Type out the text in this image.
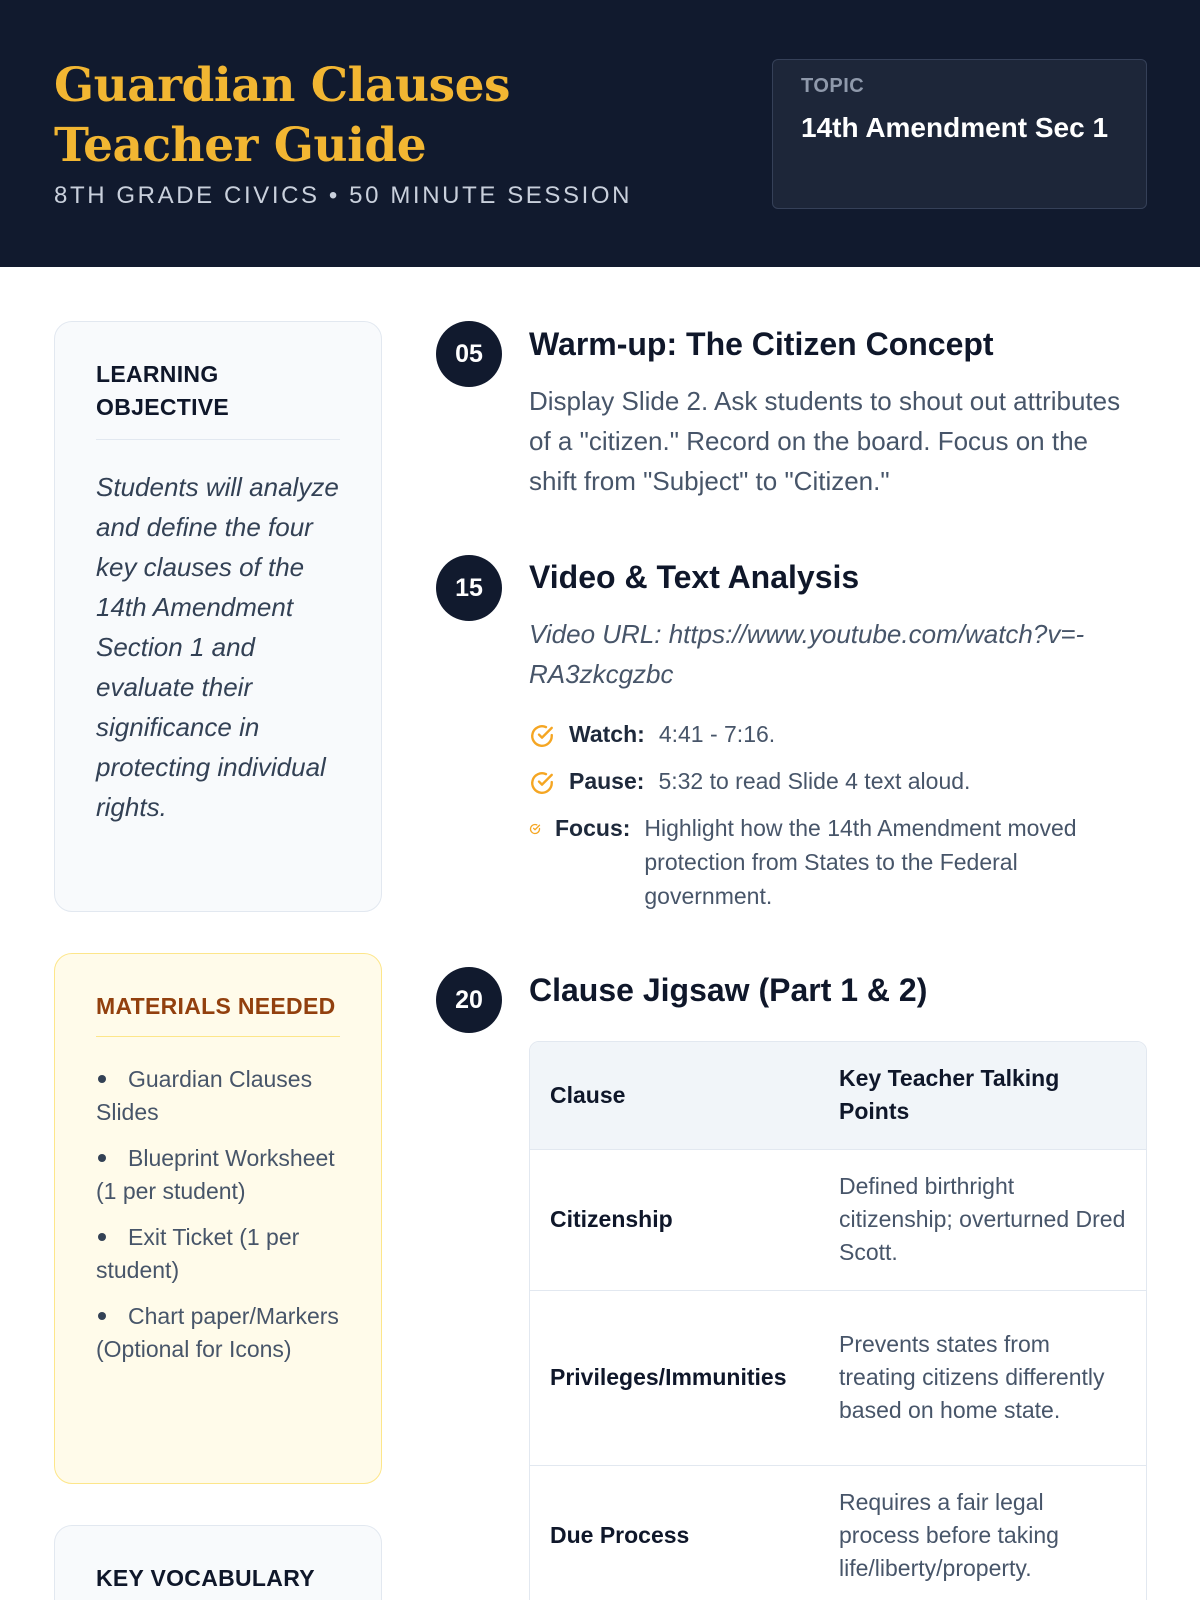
Guardian Clauses Teacher Guide
8TH GRADE CIVICS • 50 MINUTE SESSION
TOPIC
14th Amendment Sec 1
LEARNING OBJECTIVE

Students will analyze and define the four key clauses of the 14th Amendment Section 1 and evaluate their significance in protecting individual rights.

MATERIALS NEEDED
Guardian Clauses Slides
Blueprint Worksheet (1 per student)
Exit Ticket (1 per student)
Chart paper/Markers (Optional for Icons)
KEY VOCABULARY
05	Warm-up: The Citizen Concept

Display Slide 2. Ask students to shout out attributes of a "citizen." Record on the board. Focus on the shift from "Subject" to "Citizen."

15	Video & Text Analysis

Video URL: https://www.youtube.com/watch?v=-RA3zkcgzbc

Watch: 4:41 - 7:16.
Pause: 5:32 to read Slide 4 text aloud.
Focus: Highlight how the 14th Amendment moved protection from States to the Federal government.
20	Clause Jigsaw (Part 1 & 2)
Clause	Key Teacher Talking Points
Citizenship	Defined birthright citizenship; overturned Dred Scott.
Privileges/Immunities	Prevents states from treating citizens differently based on home state.
Due Process	Requires a fair legal process before taking life/liberty/property.
